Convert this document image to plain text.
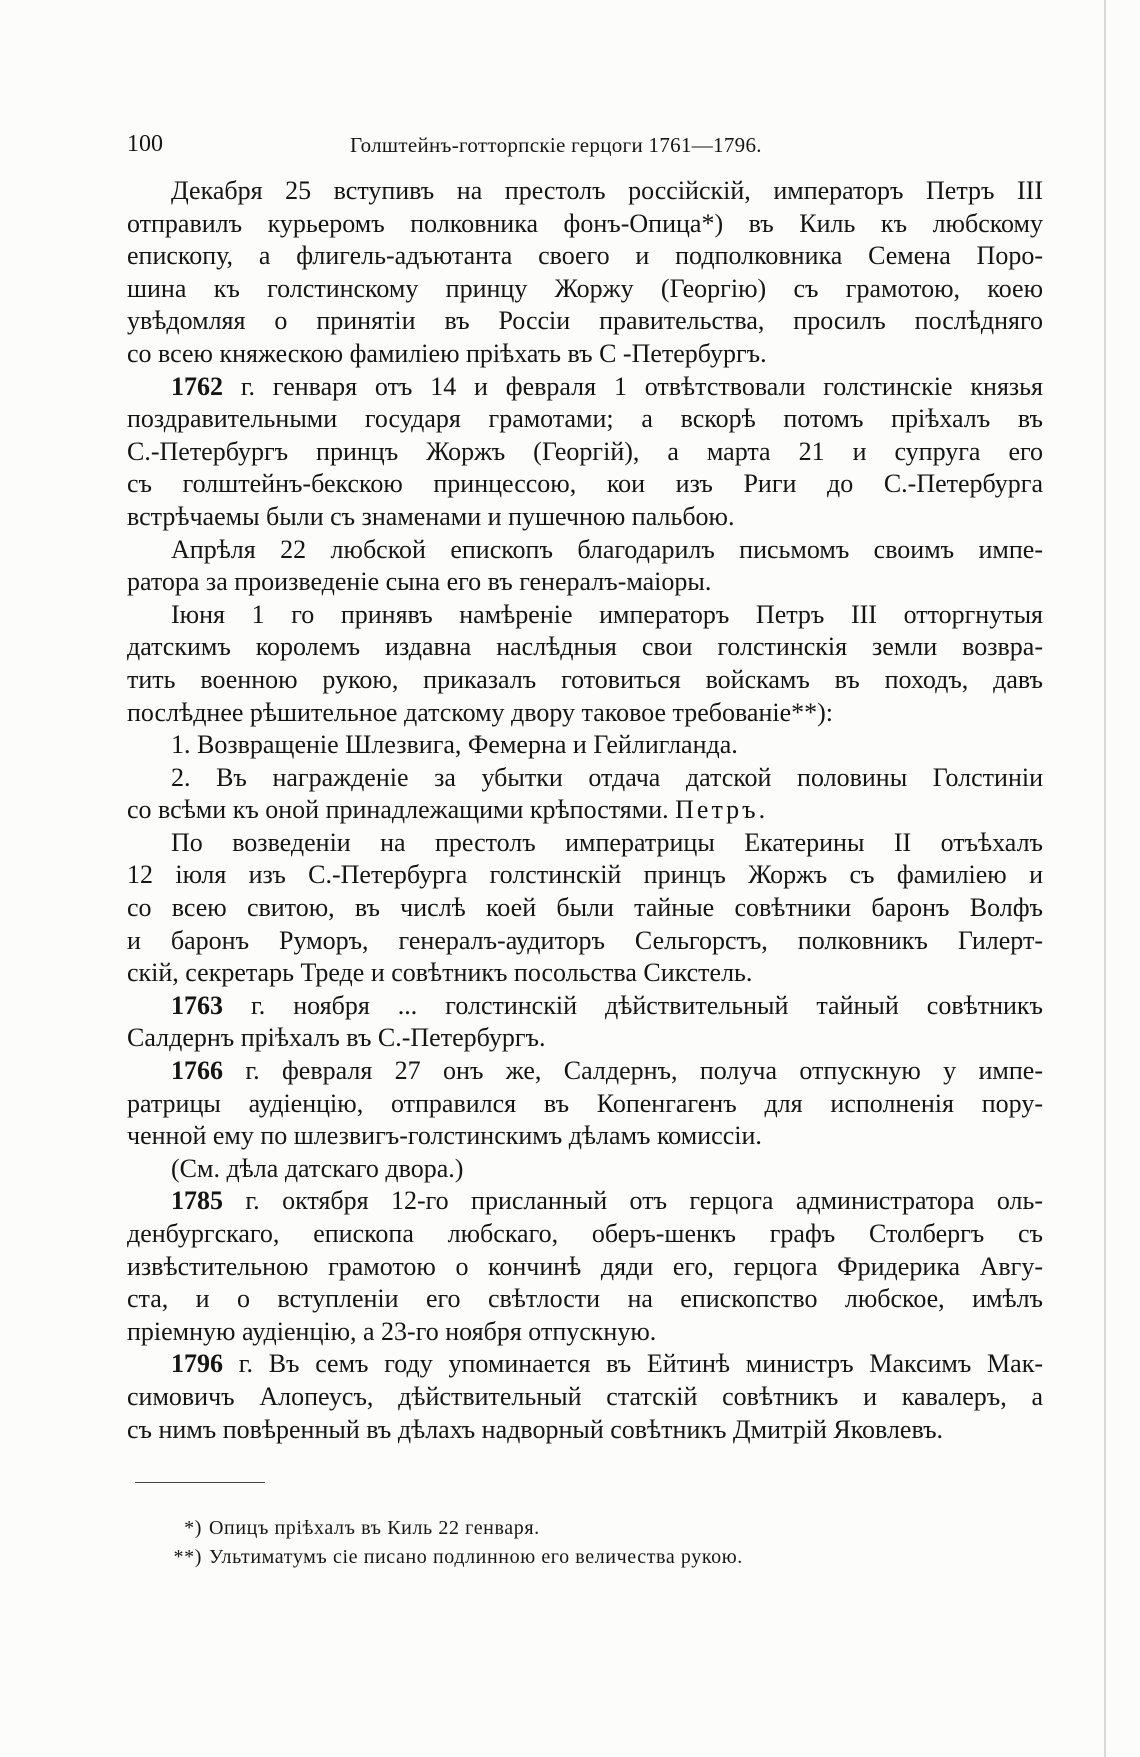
100	Голштейнъ-готторпскіе герцоги 1761—1796.
Декабря 25 вступивъ на престолъ россійскій, императоръ Петръ III
отправилъ курьеромъ полковника фонъ-Опица*) въ Киль къ любскому
епископу, а флигель-адъютанта своего и подполковника Семена Поро-
шина къ голстинскому принцу Жоржу (Георгію) съ грамотою, коею
увѣдомляя о принятіи въ Россіи правительства, просилъ послѣдняго
со всею княжескою фамиліею пріѣхать въ С -Петербургъ.
1762 г. генваря отъ 14 и февраля 1 отвѣтствовали голстинскіе князья
поздравительными государя грамотами; а вскорѣ потомъ пріѣхалъ въ
С.-Петербургъ принцъ Жоржъ (Георгій), а марта 21 и супруга его
съ голштейнъ-бекскою принцессою, кои изъ Риги до С.-Петербурга
встрѣчаемы были съ знаменами и пушечною пальбою.
Апрѣля 22 любской епископъ благодарилъ письмомъ своимъ импе-
ратора за произведеніе сына его въ генералъ-маіоры.
Іюня 1 го принявъ намѣреніе императоръ Петръ III отторгнутыя
датскимъ королемъ издавна наслѣдныя свои голстинскія земли возвра-
тить военною рукою, приказалъ готовиться войскамъ въ походъ, давъ
послѣднее рѣшительное датскому двору таковое требованіе**):
1. Возвращеніе Шлезвига, Фемерна и Гейлигланда.
2. Въ награжденіе за убытки отдача датской половины Голстиніи
со всѣми къ оной принадлежащими крѣпостями. Петръ.
По возведеніи на престолъ императрицы Екатерины II отъѣхалъ
12 іюля изъ С.-Петербурга голстинскій принцъ Жоржъ съ фамиліею и
со всею свитою, въ числѣ коей были тайные совѣтники баронъ Волфъ
и баронъ Руморъ, генералъ-аудиторъ Сельгорстъ, полковникъ Гилерт-
скій, секретарь Треде и совѣтникъ посольства Сикстель.
1763 г. ноября ... голстинскій дѣйствительный тайный совѣтникъ
Салдернъ пріѣхалъ въ С.-Петербургъ.
1766 г. февраля 27 онъ же, Салдернъ, получа отпускную у импе-
ратрицы аудіенцію, отправился въ Копенгагенъ для исполненія пору-
ченной ему по шлезвигъ-голстинскимъ дѣламъ комиссіи.
(См. дѣла датскаго двора.)
1785 г. октября 12-го присланный отъ герцога администратора оль-
денбургскаго, епископа любскаго, оберъ-шенкъ графъ Столбергъ съ
извѣстительною грамотою о кончинѣ дяди его, герцога Фридерика Авгу-
ста, и о вступленіи его свѣтлости на епископство любское, имѣлъ
пріемную аудіенцію, а 23-го ноября отпускную.
1796 г. Въ семъ году упоминается въ Ейтинѣ министръ Максимъ Мак-
симовичъ Алопеусъ, дѣйствительный статскій совѣтникъ и кавалеръ, а
съ нимъ повѣренный въ дѣлахъ надворный совѣтникъ Дмитрій Яковлевъ.
*) Опицъ пріѣхалъ въ Киль 22 генваря.
**) Ультиматумъ сіе писано подлинною его величества рукою.
